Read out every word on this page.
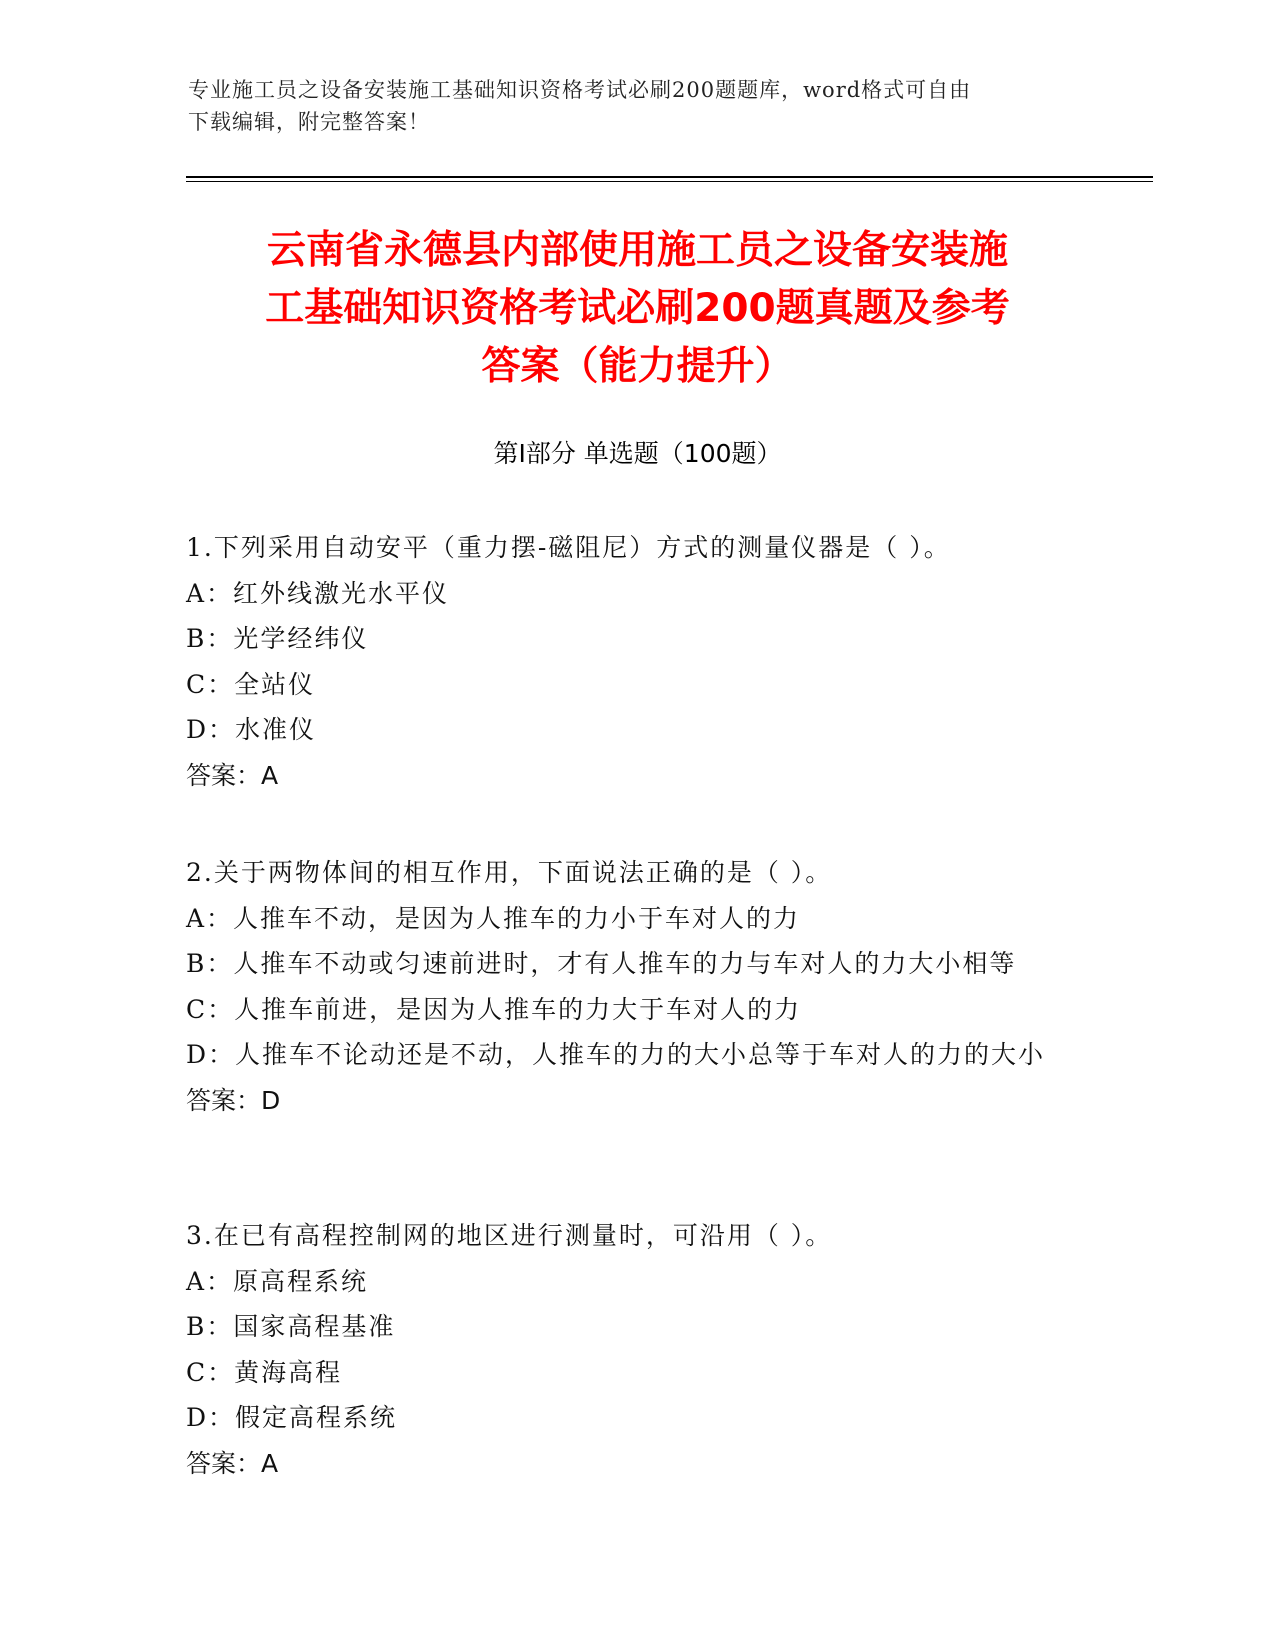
专业施工员之设备安装施工基础知识资格考试必刷200题题库，word格式可自由
下载编辑，附完整答案！
云南省永德县内部使用施工员之设备安装施
工基础知识资格考试必刷200题真题及参考
答案（能力提升）
第Ⅰ部分 单选题（100题）
1.下列采用自动安平（重力摆-磁阻尼）方式的测量仪器是（ ）。
A：红外线激光水平仪
B：光学经纬仪
C：全站仪
D：水准仪
答案：A
2.关于两物体间的相互作用，下面说法正确的是（ ）。
A：人推车不动，是因为人推车的力小于车对人的力
B：人推车不动或匀速前进时，才有人推车的力与车对人的力大小相等
C：人推车前进，是因为人推车的力大于车对人的力
D：人推车不论动还是不动，人推车的力的大小总等于车对人的力的大小
答案：D
3.在已有高程控制网的地区进行测量时，可沿用（ ）。
A：原高程系统
B：国家高程基准
C：黄海高程
D：假定高程系统
答案：A
